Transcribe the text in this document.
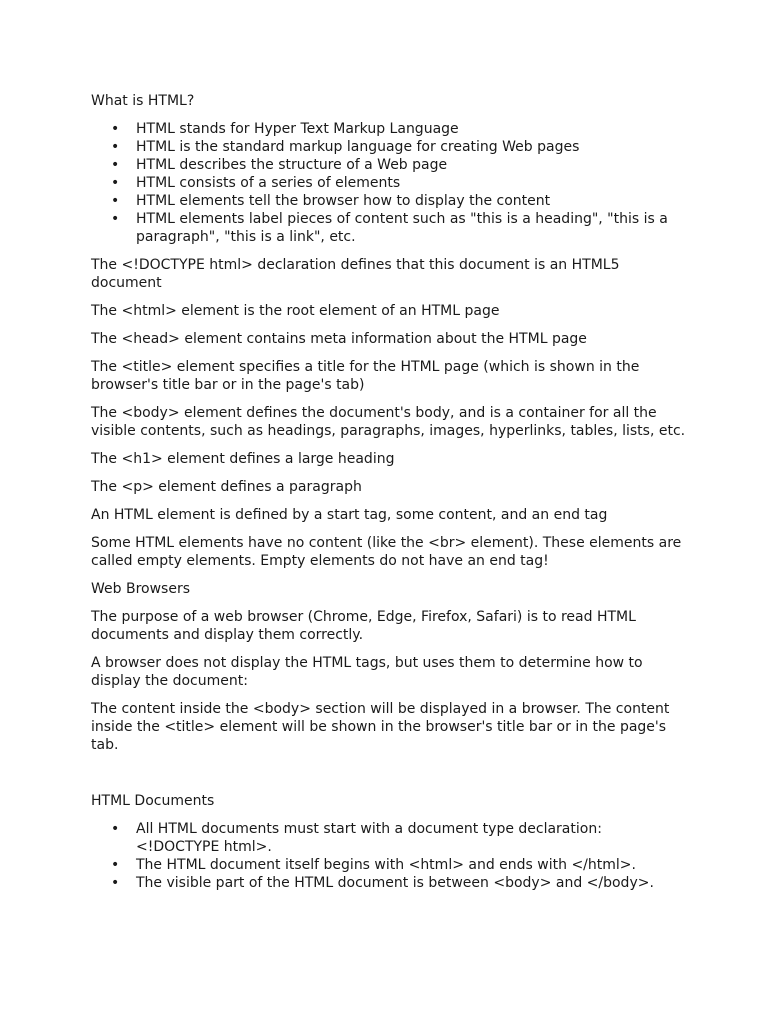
What is HTML?

• HTML stands for Hyper Text Markup Language
• HTML is the standard markup language for creating Web pages
• HTML describes the structure of a Web page
• HTML consists of a series of elements
• HTML elements tell the browser how to display the content
• HTML elements label pieces of content such as "this is a heading", "this is a paragraph", "this is a link", etc.

The <!DOCTYPE html> declaration defines that this document is an HTML5 document

The <html> element is the root element of an HTML page

The <head> element contains meta information about the HTML page

The <title> element specifies a title for the HTML page (which is shown in the browser's title bar or in the page's tab)

The <body> element defines the document's body, and is a container for all the visible contents, such as headings, paragraphs, images, hyperlinks, tables, lists, etc.

The <h1> element defines a large heading

The <p> element defines a paragraph

An HTML element is defined by a start tag, some content, and an end tag

Some HTML elements have no content (like the <br> element). These elements are called empty elements. Empty elements do not have an end tag!

Web Browsers

The purpose of a web browser (Chrome, Edge, Firefox, Safari) is to read HTML documents and display them correctly.

A browser does not display the HTML tags, but uses them to determine how to display the document:

The content inside the <body> section will be displayed in a browser. The content inside the <title> element will be shown in the browser's title bar or in the page's tab.

HTML Documents

• All HTML documents must start with a document type declaration: <!DOCTYPE html>.
• The HTML document itself begins with <html> and ends with </html>.
• The visible part of the HTML document is between <body> and </body>.
